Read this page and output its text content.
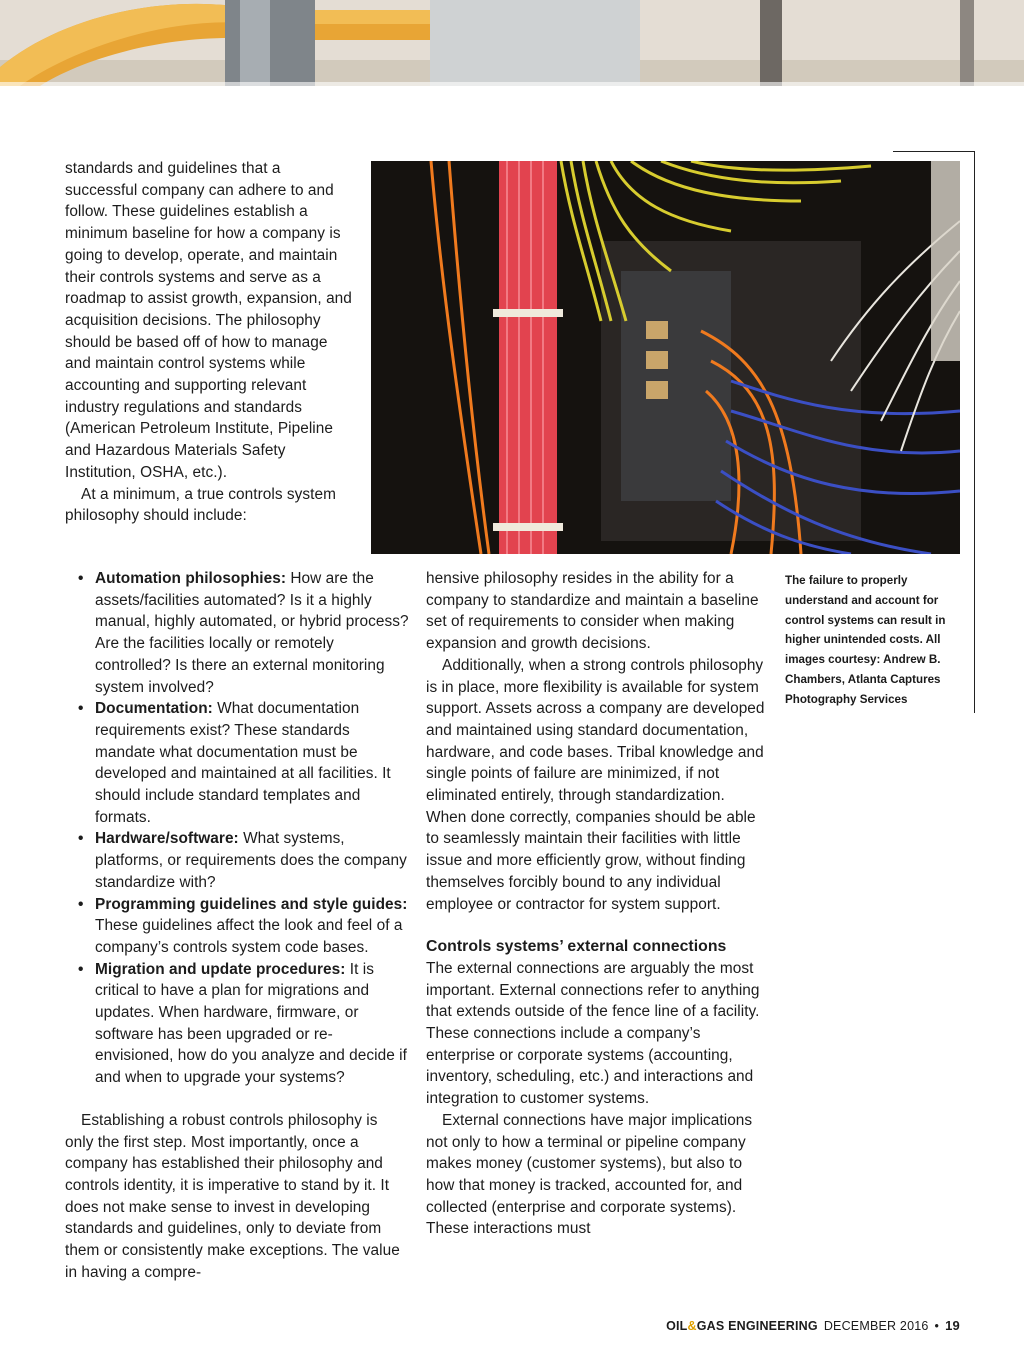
standards and guidelines that a successful company can adhere to and follow. These guidelines establish a minimum baseline for how a company is going to develop, operate, and maintain their controls systems and serve as a roadmap to assist growth, expansion, and acquisition decisions. The philosophy should be based off of how to manage and maintain control systems while accounting and supporting relevant industry regulations and standards (American Petroleum Institute, Pipeline and Hazardous Materials Safety Institution, OSHA, etc.).

At a minimum, a true controls system philosophy should include:

• Automation philosophies: How are the assets/facilities automated? Is it a highly manual, highly automated, or hybrid process? Are the facilities locally or remotely controlled? Is there an external monitoring system involved?
• Documentation: What documentation requirements exist? These standards mandate what documentation must be developed and maintained at all facilities. It should include standard templates and formats.
• Hardware/software: What systems, platforms, or requirements does the company standardize with?
• Programming guidelines and style guides: These guidelines affect the look and feel of a company’s controls system code bases.
• Migration and update procedures: It is critical to have a plan for migrations and updates. When hardware, firmware, or software has been upgraded or re-envisioned, how do you analyze and decide if and when to upgrade your systems?

Establishing a robust controls philosophy is only the first step. Most importantly, once a company has established their philosophy and controls identity, it is imperative to stand by it. It does not make sense to invest in developing standards and guidelines, only to deviate from them or consistently make exceptions. The value in having a compre-

hensive philosophy resides in the ability for a company to standardize and maintain a baseline set of requirements to consider when making expansion and growth decisions.

Additionally, when a strong controls philosophy is in place, more flexibility is available for system support. Assets across a company are developed and maintained using standard documentation, hardware, and code bases. Tribal knowledge and single points of failure are minimized, if not eliminated entirely, through standardization. When done correctly, companies should be able to seamlessly maintain their facilities with little issue and more efficiently grow, without finding themselves forcibly bound to any individual employee or contractor for system support.

Controls systems’ external connections

The external connections are arguably the most important. External connections refer to anything that extends outside of the fence line of a facility. These connections include a company’s enterprise or corporate systems (accounting, inventory, scheduling, etc.) and interactions and integration to customer systems.

External connections have major implications not only to how a terminal or pipeline company makes money (customer systems), but also to how that money is tracked, accounted for, and collected (enterprise and corporate systems). These interactions must

The failure to properly understand and account for control systems can result in higher unintended costs. All images courtesy: Andrew B. Chambers, Atlanta Captures Photography Services
OIL&GAS ENGINEERING DECEMBER 2016 • 19
